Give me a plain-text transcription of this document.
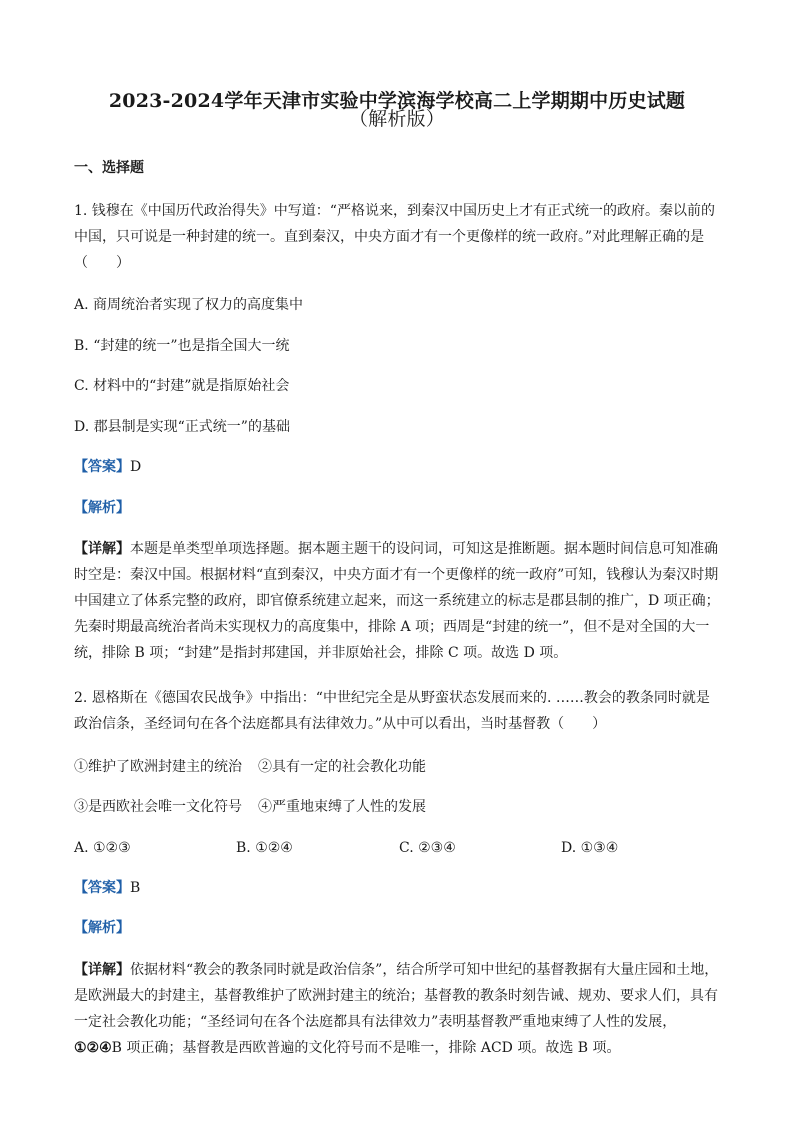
2023-2024学年天津市实验中学滨海学校高二上学期期中历史试题
（解析版）
一、选择题
1. 钱穆在《中国历代政治得失》中写道：“严格说来，到秦汉中国历史上才有正式统一的政府。秦以前的
中国，只可说是一种封建的统一。直到秦汉，中央方面才有一个更像样的统一政府。”对此理解正确的是
（　　）
A. 商周统治者实现了权力的高度集中
B. “封建的统一”也是指全国大一统
C. 材料中的“封建”就是指原始社会
D. 郡县制是实现“正式统一”的基础
【答案】D
【解析】
【详解】本题是单类型单项选择题。据本题主题干的设问词，可知这是推断题。据本题时间信息可知准确
时空是：秦汉中国。根据材料“直到秦汉，中央方面才有一个更像样的统一政府”可知，钱穆认为秦汉时期
中国建立了体系完整的政府，即官僚系统建立起来，而这一系统建立的标志是郡县制的推广，D 项正确；
先秦时期最高统治者尚未实现权力的高度集中，排除 A 项；西周是“封建的统一”，但不是对全国的大一
统，排除 B 项；“封建”是指封邦建国，并非原始社会，排除 C 项。故选 D 项。
2. 恩格斯在《德国农民战争》中指出：“中世纪完全是从野蛮状态发展而来的. ……教会的教条同时就是
政治信条，圣经词句在各个法庭都具有法律效力。”从中可以看出，当时基督教（　　）
①维护了欧洲封建主的统治 ②具有一定的社会教化功能
③是西欧社会唯一文化符号 ④严重地束缚了人性的发展
A. ①②③	B. ①②④	C. ②③④	D. ①③④
【答案】B
【解析】
【详解】依据材料“教会的教条同时就是政治信条”，结合所学可知中世纪的基督教据有大量庄园和土地，
是欧洲最大的封建主，基督教维护了欧洲封建主的统治；基督教的教条时刻告诫、规劝、要求人们，具有
一定社会教化功能；“圣经词句在各个法庭都具有法律效力”表明基督教严重地束缚了人性的发展，
①②④B 项正确；基督教是西欧普遍的文化符号而不是唯一，排除 ACD 项。故选 B 项。
